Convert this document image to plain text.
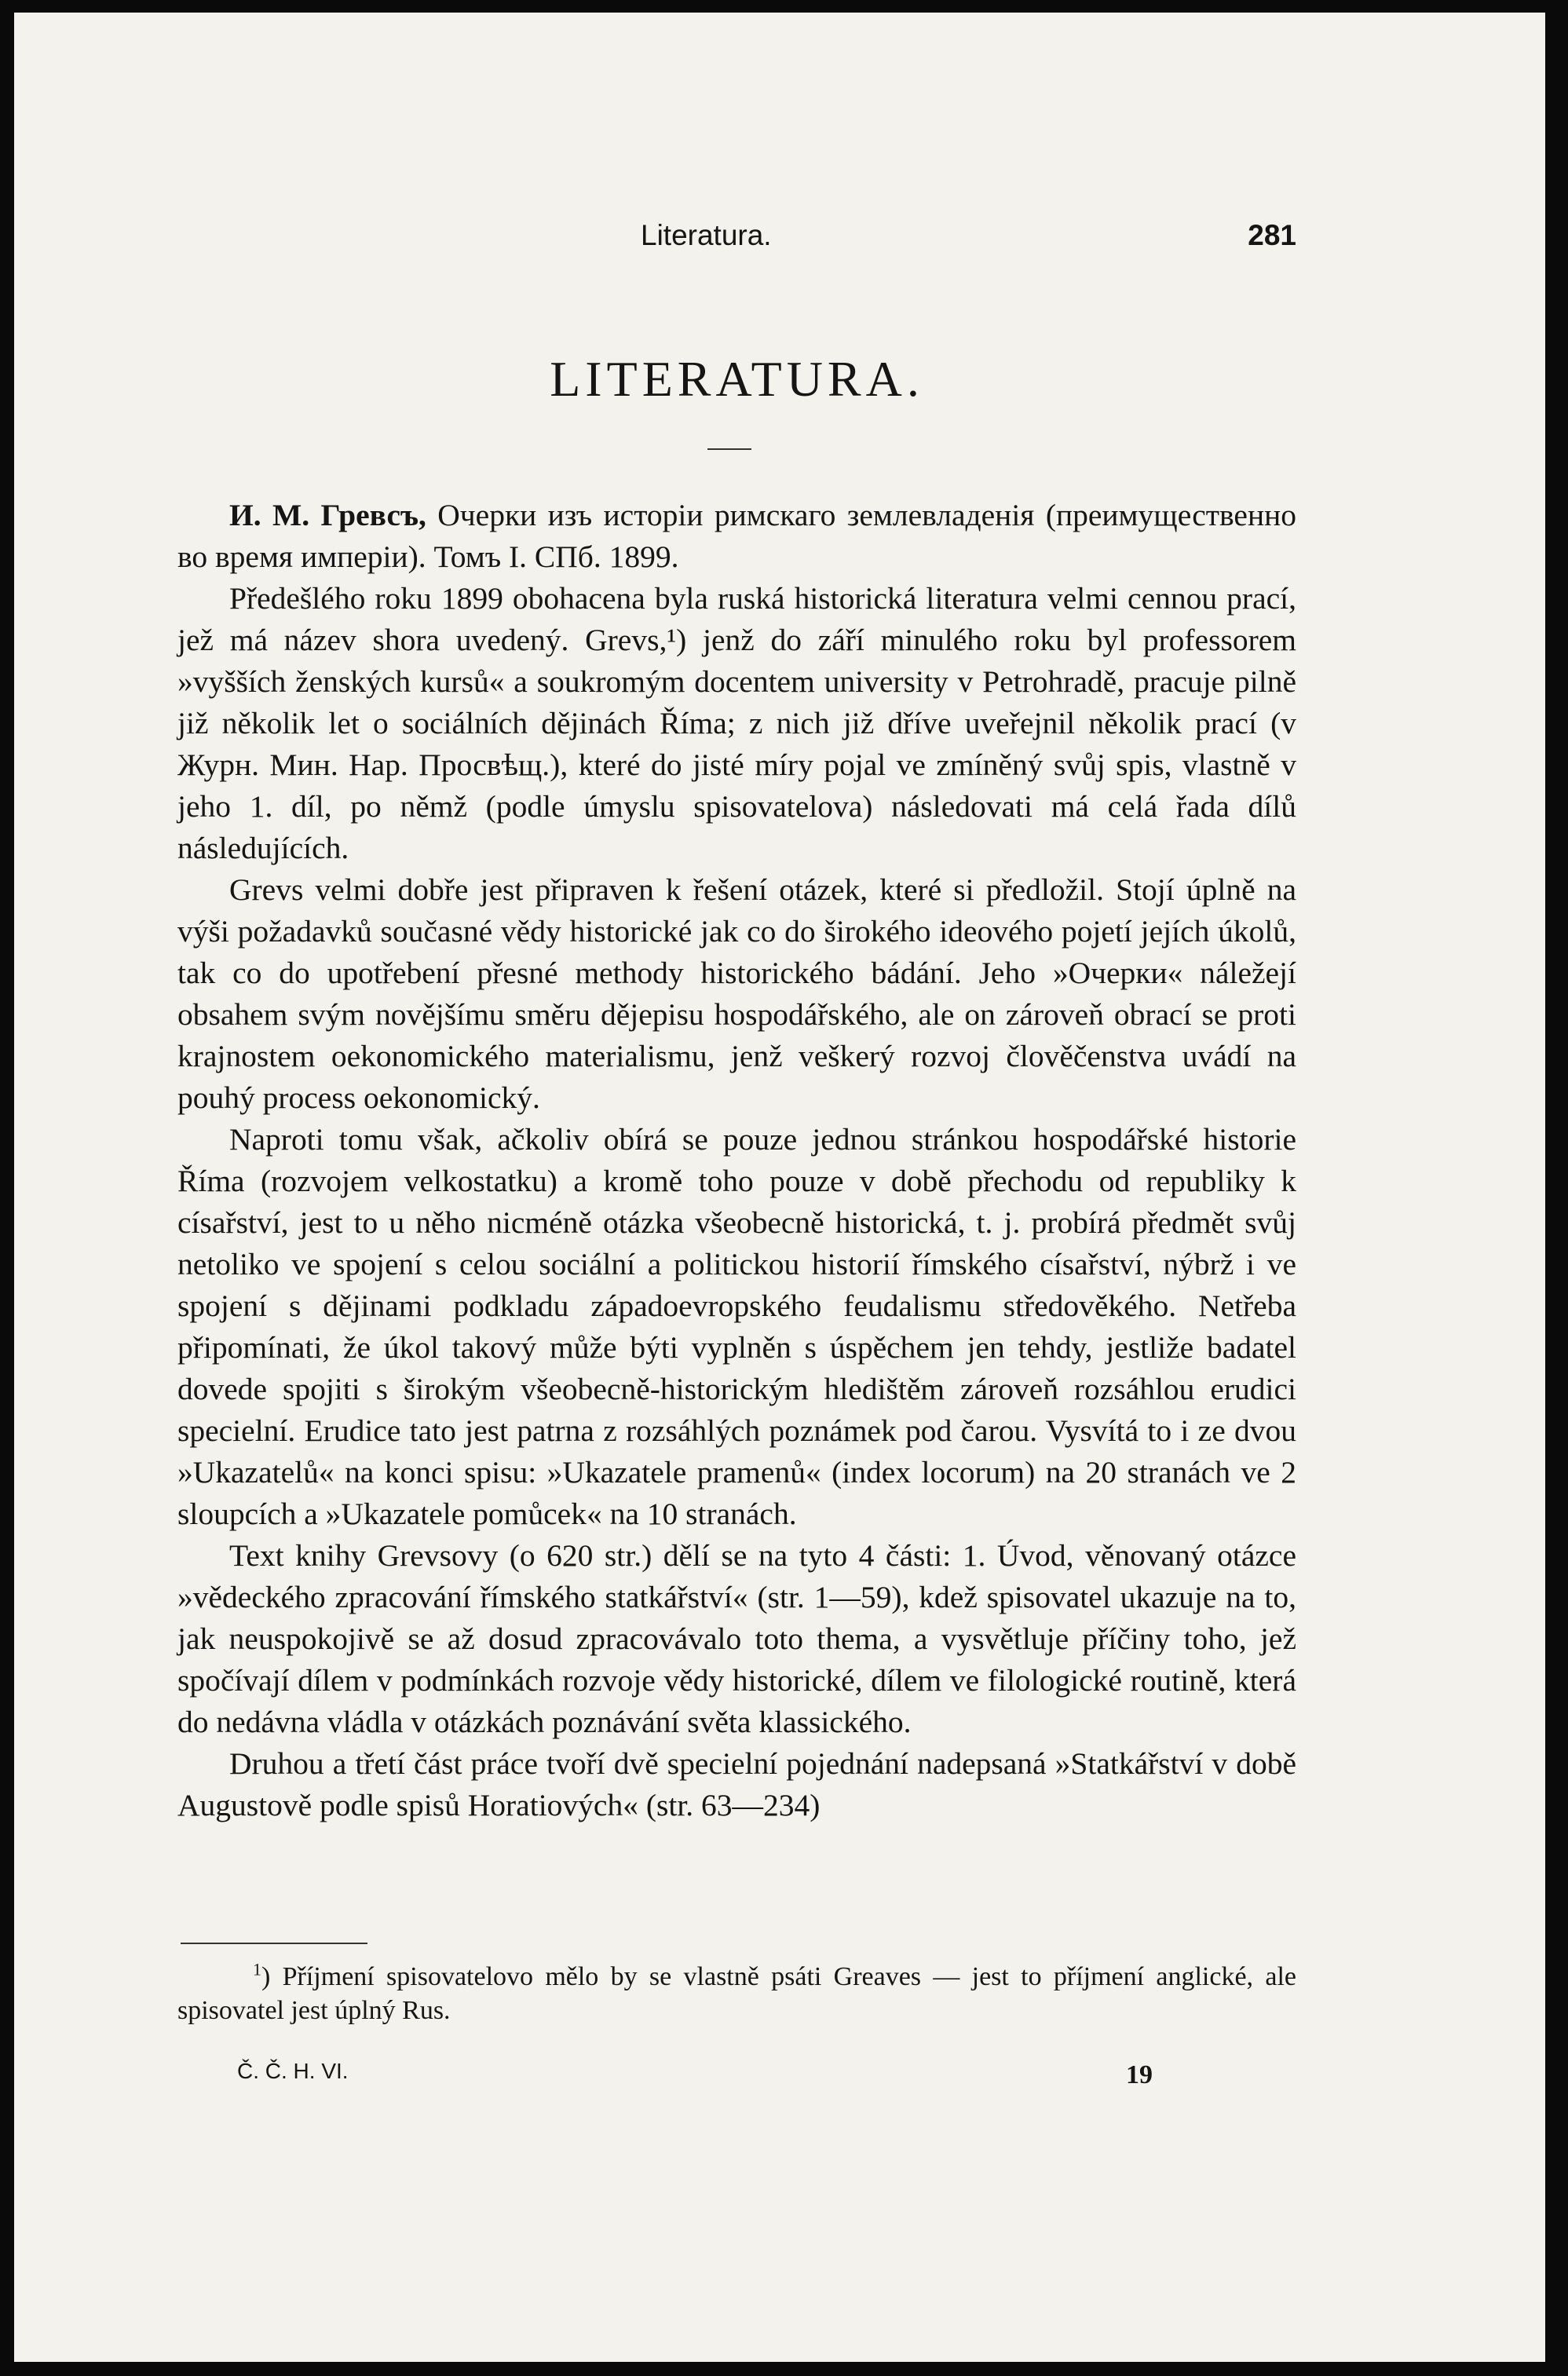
Literatura.	281
LITERATURA.

И. М. Гревсъ, Очерки изъ исторіи римскаго землевладенія (преимущественно во время имперіи). Томъ I. СПб. 1899.

Předešlého roku 1899 obohacena byla ruská historická literatura velmi cennou prací, jež má název shora uvedený. Grevs,¹) jenž do září minulého roku byl professorem »vyšších ženských kursů« a soukromým docentem university v Petrohradě, pracuje pilně již několik let o sociálních dějinách Říma; z nich již dříve uveřejnil několik prací (v Журн. Мин. Нар. Просвѣщ.), které do jisté míry pojal ve zmíněný svůj spis, vlastně v jeho 1. díl, po němž (podle úmyslu spisovatelova) následovati má celá řada dílů následujících.

Grevs velmi dobře jest připraven k řešení otázek, které si předložil. Stojí úplně na výši požadavků současné vědy historické jak co do širokého ideového pojetí jejích úkolů, tak co do upotřebení přesné methody historického bádání. Jeho »Очерки« náležejí obsahem svým novějšímu směru dějepisu hospodářského, ale on zároveň obrací se proti krajnostem oekonomického materialismu, jenž veškerý rozvoj člověčenstva uvádí na pouhý process oekonomický.

Naproti tomu však, ačkoliv obírá se pouze jednou stránkou hospodářské historie Říma (rozvojem velkostatku) a kromě toho pouze v době přechodu od republiky k císařství, jest to u něho nicméně otázka všeobecně historická, t. j. probírá předmět svůj netoliko ve spojení s celou sociální a politickou historií římského císařství, nýbrž i ve spojení s dějinami podkladu západoevropského feudalismu středověkého. Netřeba připomínati, že úkol takový může býti vyplněn s úspěchem jen tehdy, jestliže badatel dovede spojiti s širokým všeobecně-historickým hledištěm zároveň rozsáhlou erudici specielní. Erudice tato jest patrna z rozsáhlých poznámek pod čarou. Vysvítá to i ze dvou »Ukazatelů« na konci spisu: »Ukazatele pramenů« (index locorum) na 20 stranách ve 2 sloupcích a »Ukazatele pomůcek« na 10 stranách.

Text knihy Grevsovy (o 620 str.) dělí se na tyto 4 části: 1. Úvod, věnovaný otázce »vědeckého zpracování římského statkářství« (str. 1—59), kdež spisovatel ukazuje na to, jak neuspokojivě se až dosud zpracovávalo toto thema, a vysvětluje příčiny toho, jež spočívají dílem v podmínkách rozvoje vědy historické, dílem ve filologické routině, která do nedávna vládla v otázkách poznávání světa klassického.

Druhou a třetí část práce tvoří dvě specielní pojednání nadepsaná »Statkářství v době Augustově podle spisů Horatiových« (str. 63—234)

$^1$) Příjmení spisovatelovo mělo by se vlastně psáti Greaves — jest to příjmení anglické, ale spisovatel jest úplný Rus.

Č. Č. H. VI.	19
